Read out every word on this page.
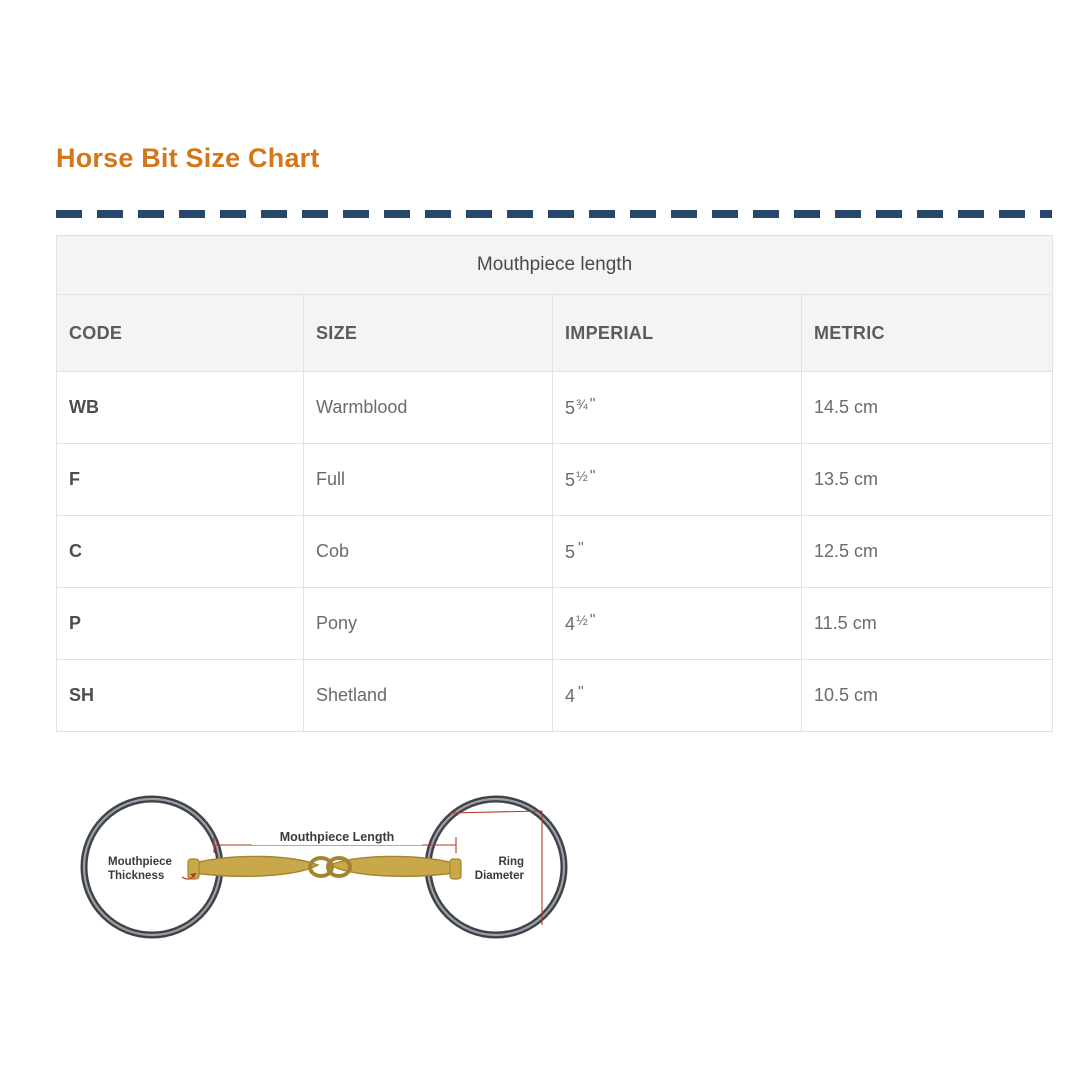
Horse Bit Size Chart
Mouthpiece length			
CODE	SIZE	IMPERIAL	METRIC
WB	Warmblood	$5^{\frac{3}{4}}$ "	14.5 cm
F	Full	$5^{\frac{1}{2}}$ "	13.5 cm
C	Cob	5 "	12.5 cm
P	Pony	$4^{\frac{1}{2}}$ "	11.5 cm
SH	Shetland	4 "	10.5 cm
Mouthpiece Length
Mouthpiece
Thickness
Ring
Diameter
